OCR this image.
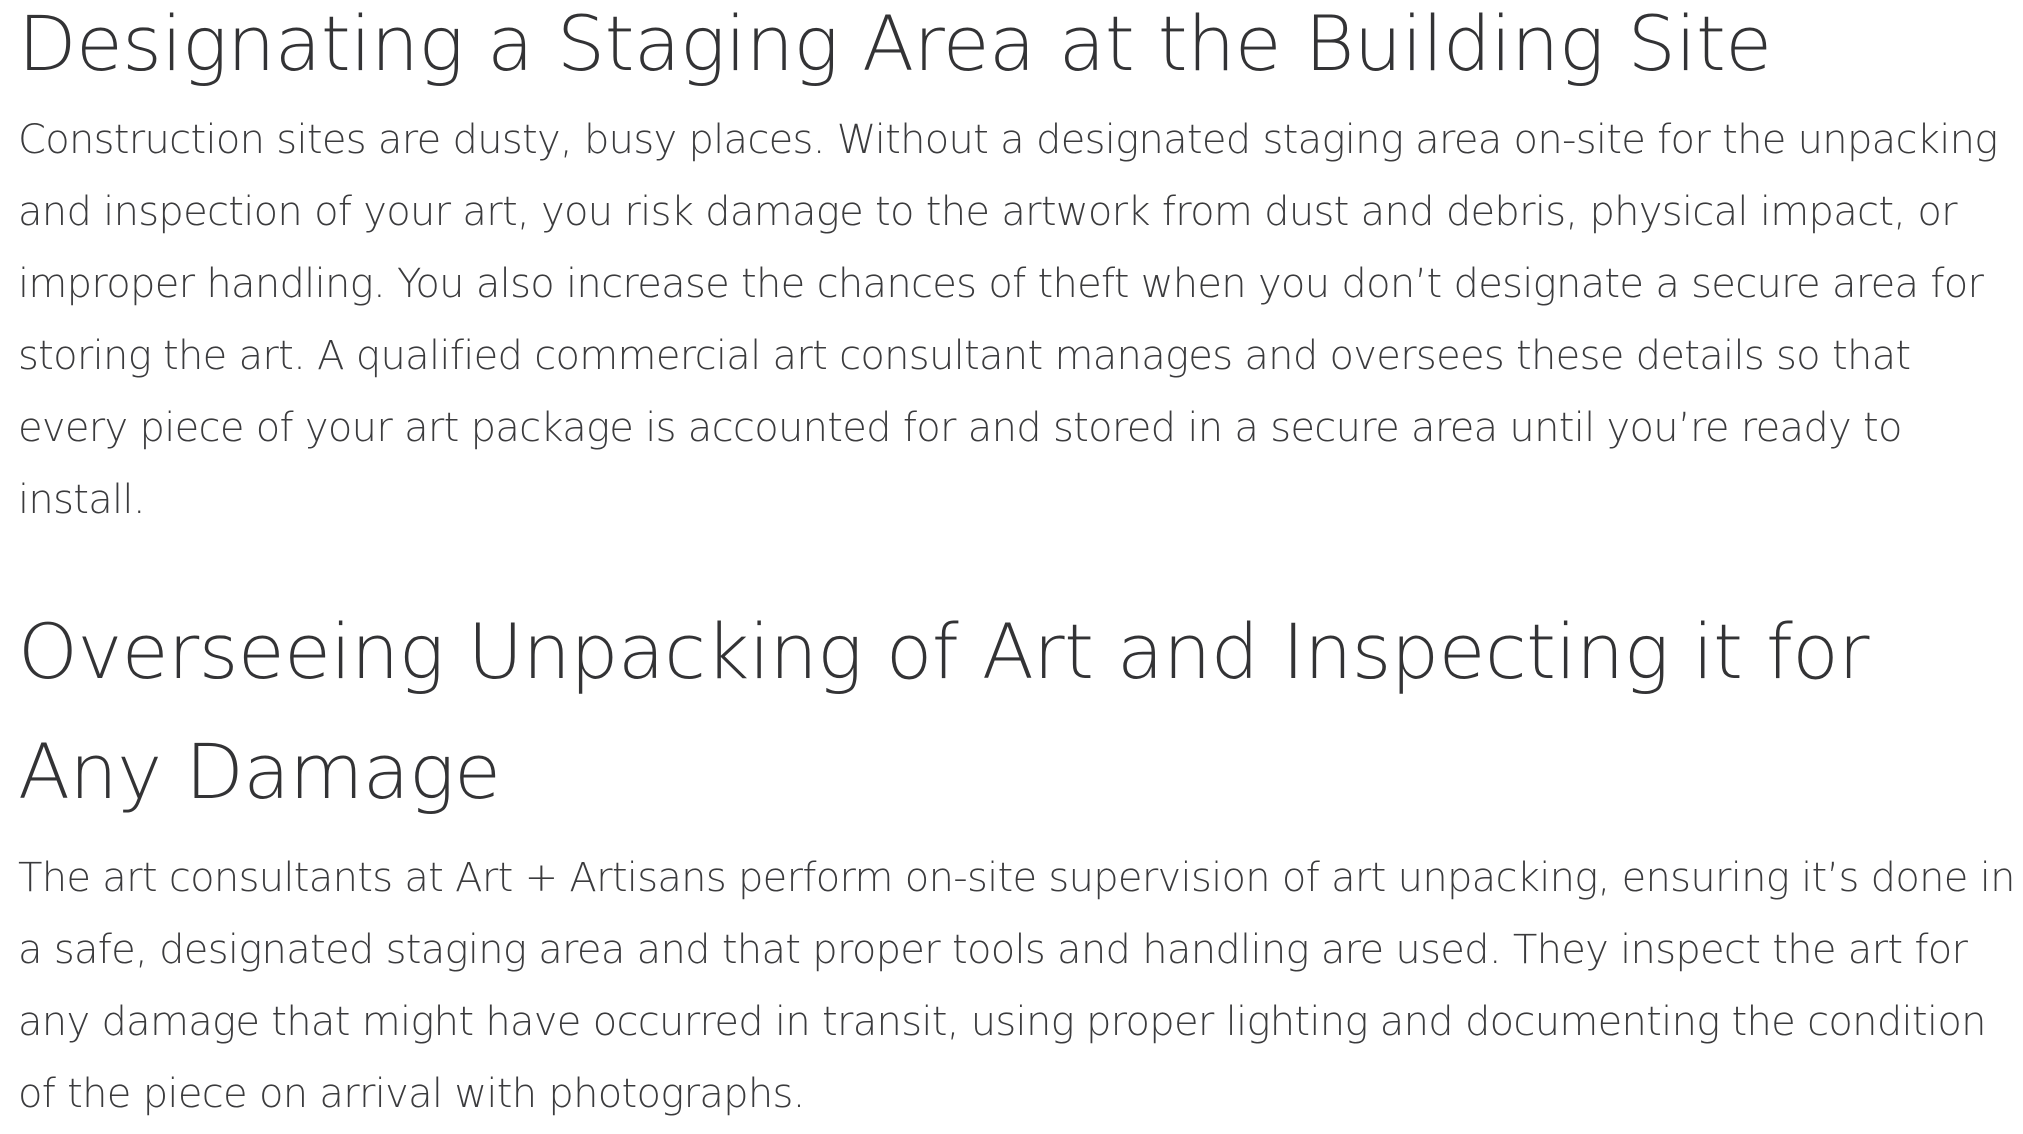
Designating a Staging Area at the Building Site

Construction sites are dusty, busy places. Without a designated staging area on-site for the unpacking and inspection of your art, you risk damage to the artwork from dust and debris, physical impact, or improper handling. You also increase the chances of theft when you don’t designate a secure area for storing the art. A qualified commercial art consultant manages and oversees these details so that every piece of your art package is accounted for and stored in a secure area until you’re ready to install.

Overseeing Unpacking of Art and Inspecting it for Any Damage

The art consultants at Art + Artisans perform on-site supervision of art unpacking, ensuring it’s done in a safe, designated staging area and that proper tools and handling are used. They inspect the art for any damage that might have occurred in transit, using proper lighting and documenting the condition of the piece on arrival with photographs.
